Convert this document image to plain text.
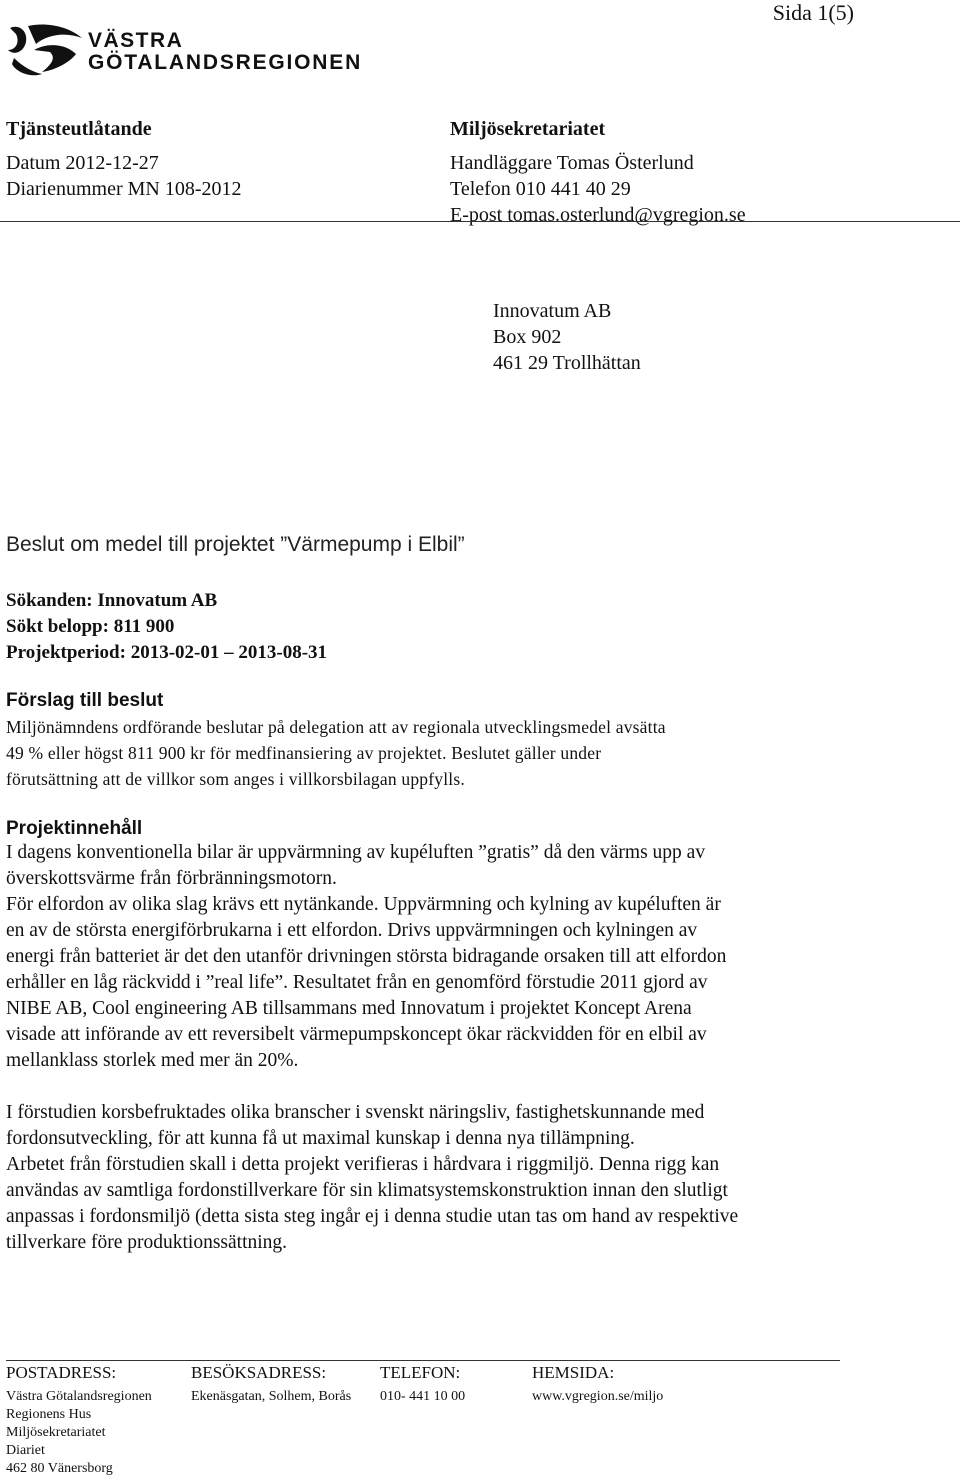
Sida 1(5)
VÄSTRA
GÖTALANDSREGIONEN
Tjänsteutlåtande
Datum 2012-12-27
Diarienummer MN 108-2012
Miljösekretariatet
Handläggare Tomas Österlund
Telefon 010 441 40 29
E-post tomas.osterlund@vgregion.se
Innovatum AB
Box 902
461 29 Trollhättan
Beslut om medel till projektet ”Värmepump i Elbil”
Sökanden: Innovatum AB
Sökt belopp: 811 900
Projektperiod: 2013-02-01 – 2013-08-31
Förslag till beslut
Miljönämndens ordförande beslutar på delegation att av regionala utvecklingsmedel avsätta
49 % eller högst 811 900 kr för medfinansiering av projektet. Beslutet gäller under
förutsättning att de villkor som anges i villkorsbilagan uppfylls.
Projektinnehåll
I dagens konventionella bilar är uppvärmning av kupéluften ”gratis” då den värms upp av
överskottsvärme från förbränningsmotorn.
För elfordon av olika slag krävs ett nytänkande. Uppvärmning och kylning av kupéluften är
en av de största energiförbrukarna i ett elfordon. Drivs uppvärmningen och kylningen av
energi från batteriet är det den utanför drivningen största bidragande orsaken till att elfordon
erhåller en låg räckvidd i ”real life”. Resultatet från en genomförd förstudie 2011 gjord av
NIBE AB, Cool engineering AB tillsammans med Innovatum i projektet Koncept Arena
visade att införande av ett reversibelt värmepumpskoncept ökar räckvidden för en elbil av
mellanklass storlek med mer än 20%.
I förstudien korsbefruktades olika branscher i svenskt näringsliv, fastighetskunnande med
fordonsutveckling, för att kunna få ut maximal kunskap i denna nya tillämpning.
Arbetet från förstudien skall i detta projekt verifieras i hårdvara i riggmiljö. Denna rigg kan
användas av samtliga fordonstillverkare för sin klimatsystemskonstruktion innan den slutligt
anpassas i fordonsmiljö (detta sista steg ingår ej i denna studie utan tas om hand av respektive
tillverkare före produktionssättning.
POSTADRESS:
Västra Götalandsregionen
Regionens Hus
Miljösekretariatet
Diariet
462 80 Vänersborg
BESÖKSADRESS:
Ekenäsgatan, Solhem, Borås
TELEFON:
010- 441 10 00
HEMSIDA:
www.vgregion.se/miljo
